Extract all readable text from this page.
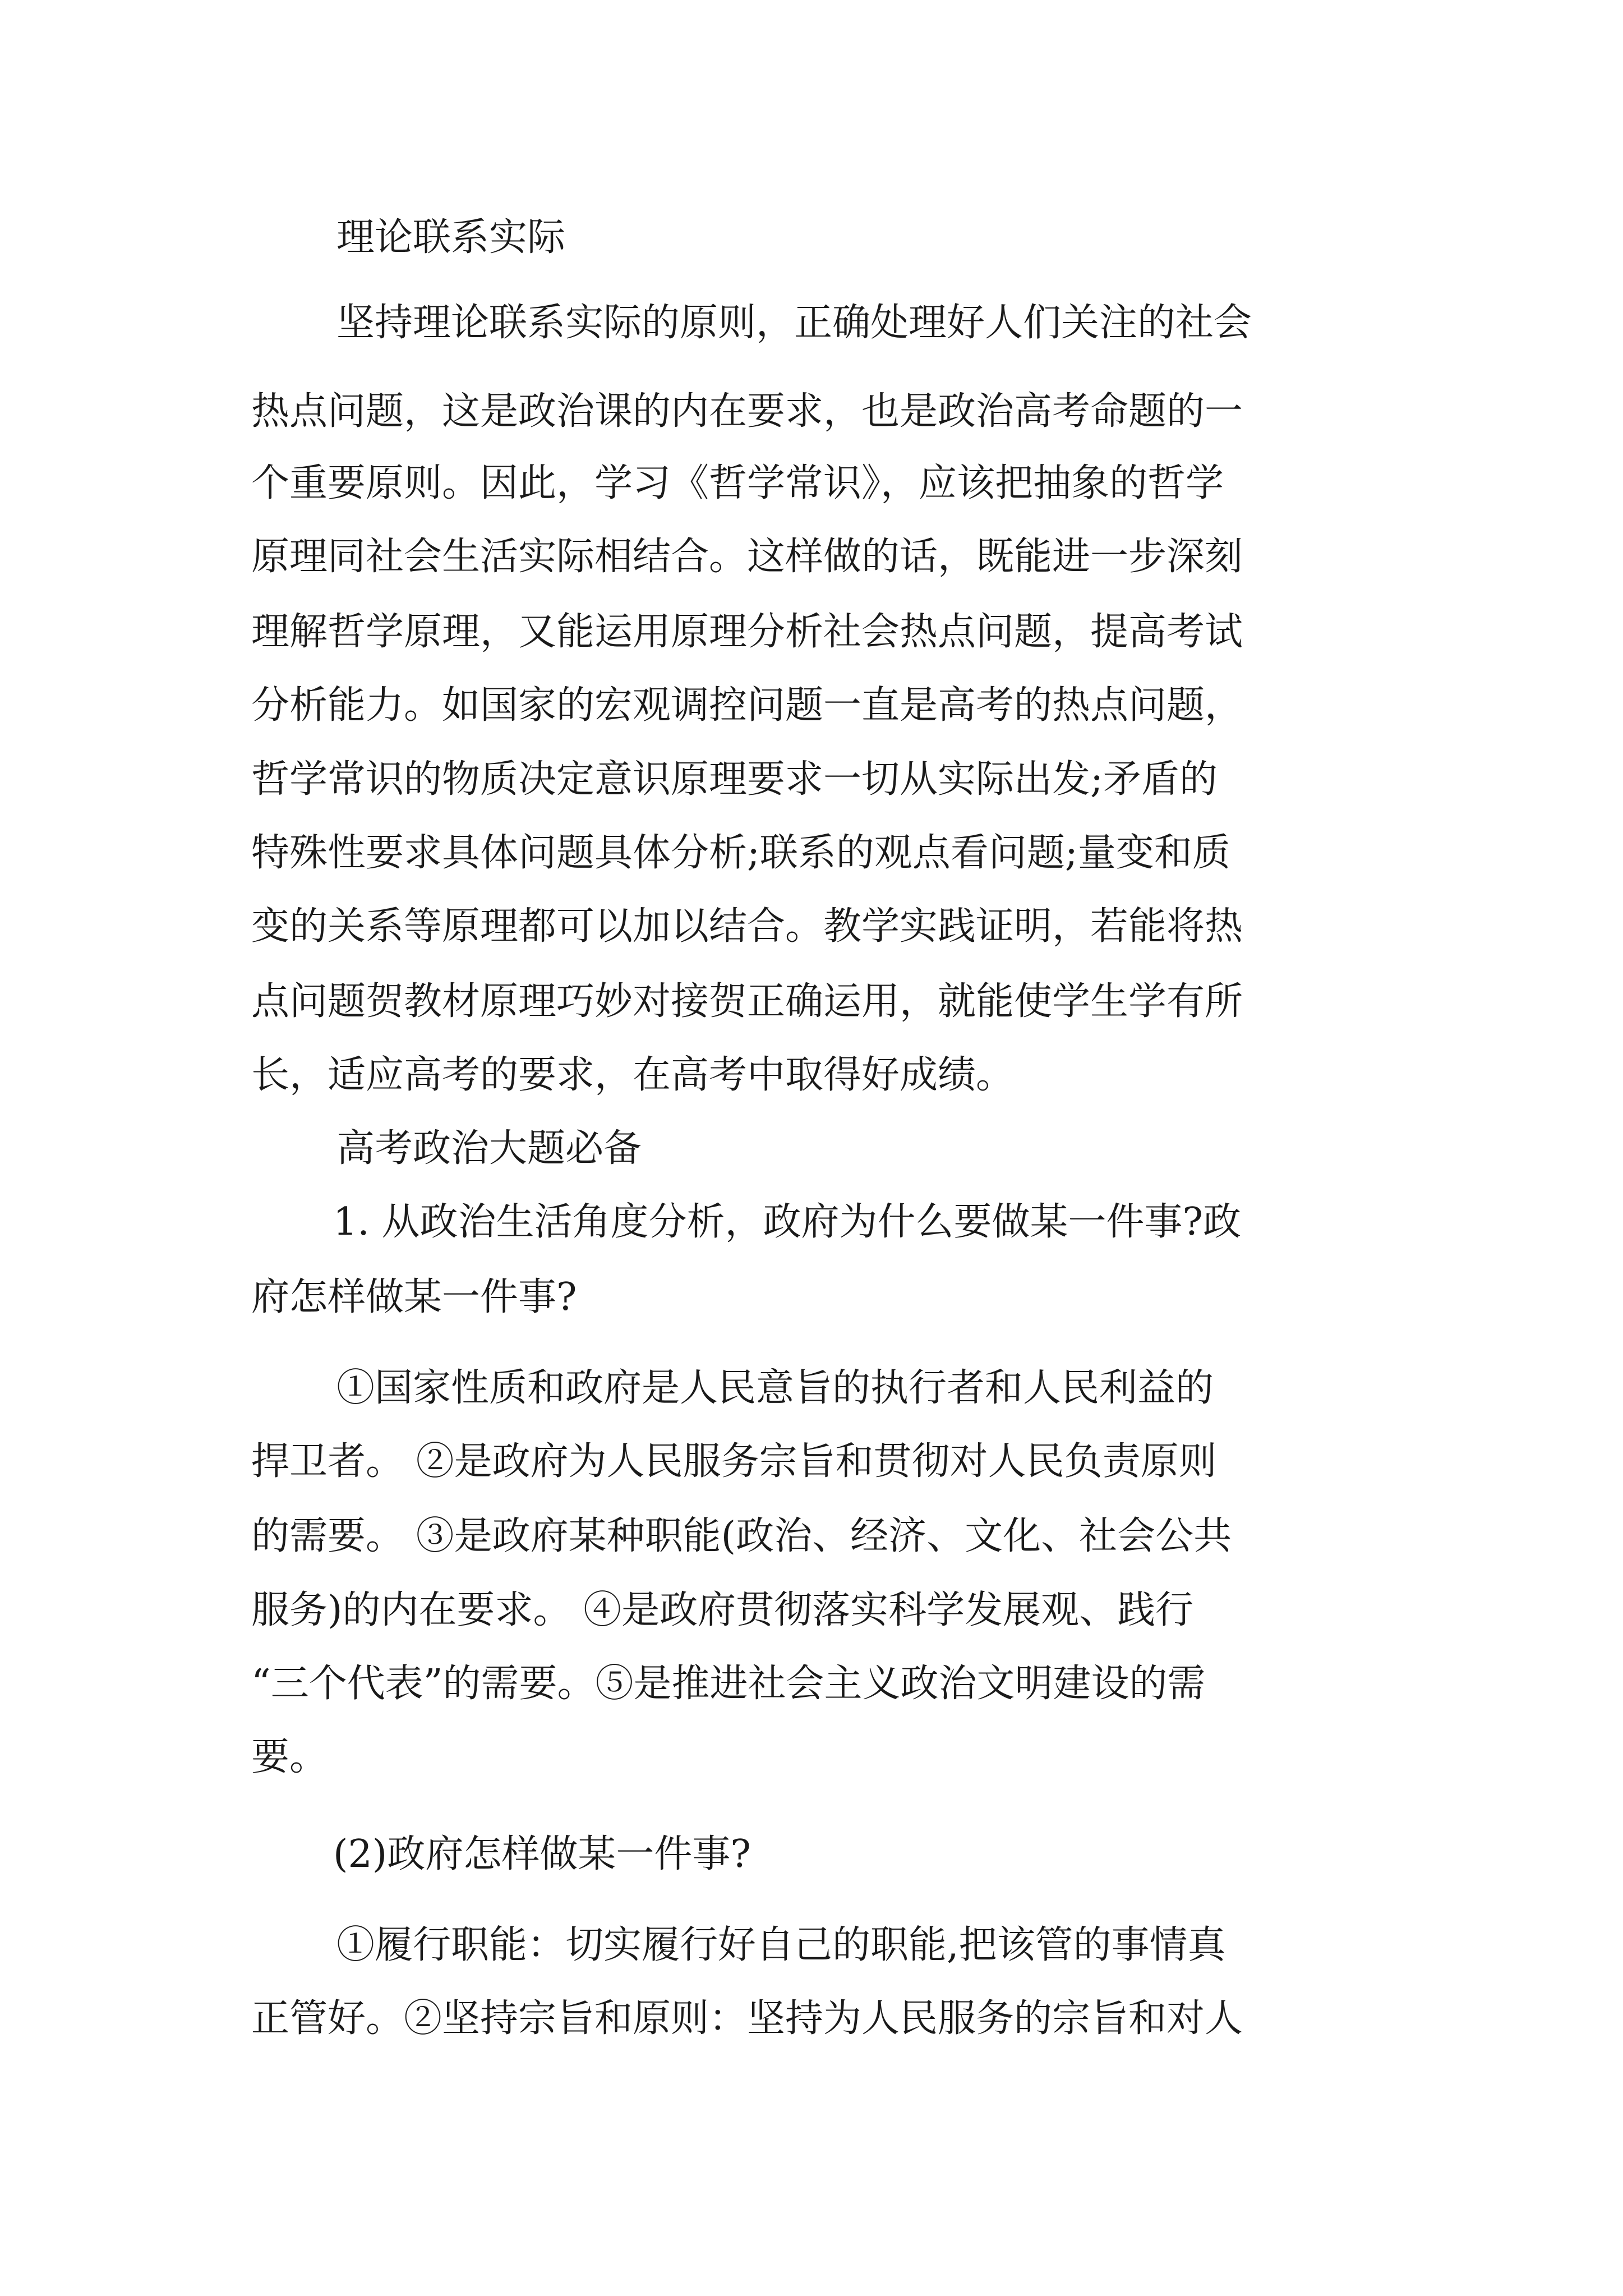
理论联系实际

坚持理论联系实际的原则，正确处理好人们关注的社会

热点问题，这是政治课的内在要求，也是政治高考命题的一

个重要原则。因此，学习《哲学常识》，应该把抽象的哲学

原理同社会生活实际相结合。这样做的话，既能进一步深刻

理解哲学原理，又能运用原理分析社会热点问题，提高考试

分析能力。如国家的宏观调控问题一直是高考的热点问题，

哲学常识的物质决定意识原理要求一切从实际出发;矛盾的

特殊性要求具体问题具体分析;联系的观点看问题;量变和质

变的关系等原理都可以加以结合。教学实践证明，若能将热

点问题贺教材原理巧妙对接贺正确运用，就能使学生学有所

长，适应高考的要求，在高考中取得好成绩。

高考政治大题必备

1. 从政治生活角度分析，政府为什么要做某一件事?政

府怎样做某一件事?

①国家性质和政府是人民意旨的执行者和人民利益的

捍卫者。 ②是政府为人民服务宗旨和贯彻对人民负责原则

的需要。 ③是政府某种职能(政治、经济、文化、社会公共

服务)的内在要求。 ④是政府贯彻落实科学发展观、践行

“三个代表”的需要。⑤是推进社会主义政治文明建设的需

要。

(2)政府怎样做某一件事?

①履行职能：切实履行好自己的职能,把该管的事情真

正管好。②坚持宗旨和原则：坚持为人民服务的宗旨和对人
